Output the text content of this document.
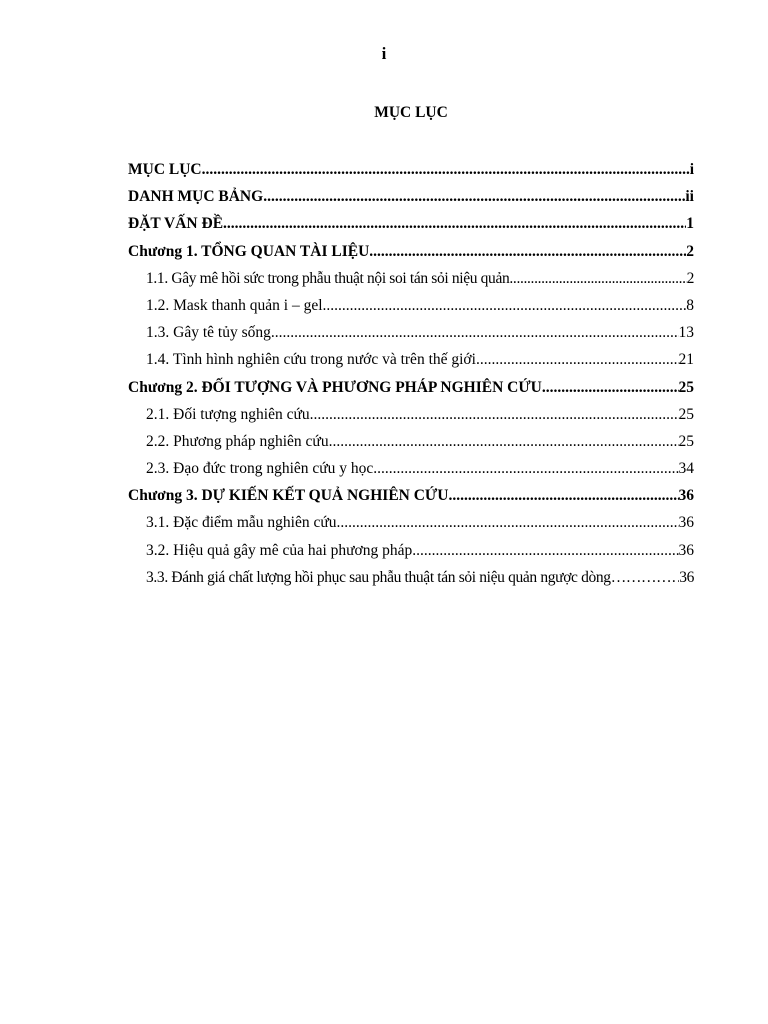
i
MỤC LỤC
MỤC LỤC .....	i
DANH MỤC BẢNG .....	ii
ĐẶT VẤN ĐỀ .....	1
Chương 1. TỔNG QUAN TÀI LIỆU .....	2
1.1. Gây mê hồi sức trong phẫu thuật nội soi tán sỏi niệu quản .....	2
1.2. Mask thanh quản i – gel .....	8
1.3. Gây tê tủy sống .....	13
1.4. Tình hình nghiên cứu trong nước và trên thế giới .....	21
Chương 2. ĐỐI TƯỢNG VÀ PHƯƠNG PHÁP NGHIÊN CỨU .....	25
2.1. Đối tượng nghiên cứu .....	25
2.2. Phương pháp nghiên cứu .....	25
2.3. Đạo đức trong nghiên cứu y học .....	34
Chương 3. DỰ KIẾN KẾT QUẢ NGHIÊN CỨU .....	36
3.1. Đặc điểm mẫu nghiên cứu .....	36
3.2. Hiệu quả gây mê của hai phương pháp .....	36
3.3. Đánh giá chất lượng hồi phục sau phẫu thuật tán sỏi niệu quản ngược dòng ……………………………………………………………………	36
